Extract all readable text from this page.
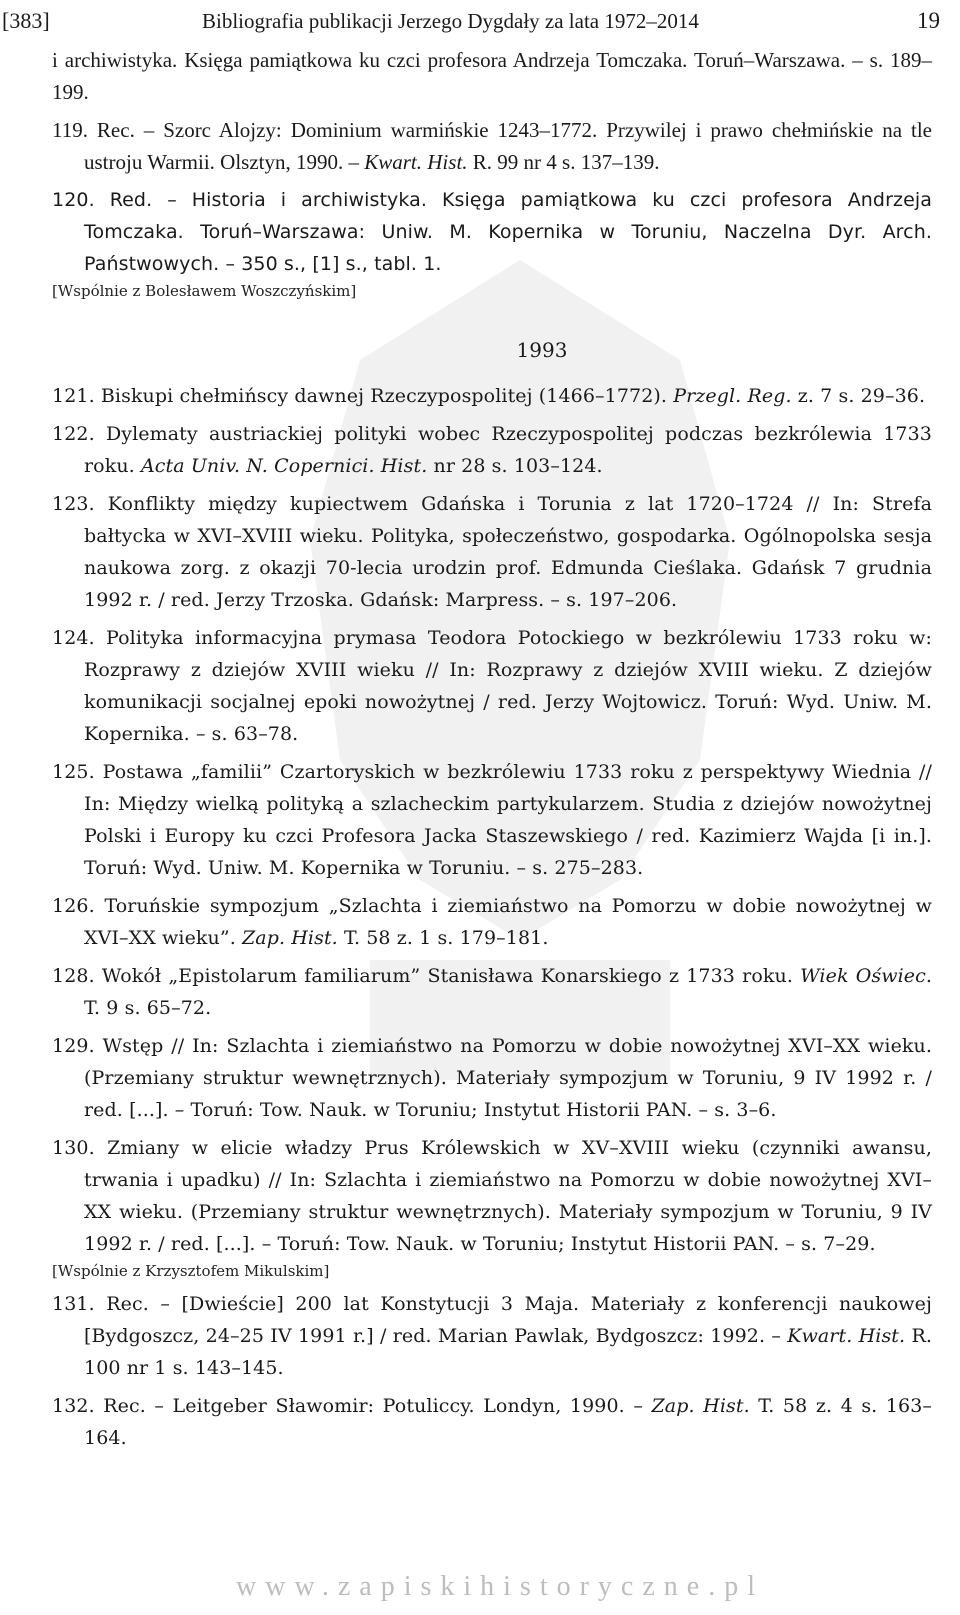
[383]	Bibliografia publikacji Jerzego Dygdały za lata 1972–2014	19

i archiwistyka. Księga pamiątkowa ku czci profesora Andrzeja Tomczaka. Toruń–Warszawa. – s. 189–199.

119. Rec. – Szorc Alojzy: Dominium warmińskie 1243–1772. Przywilej i prawo chełmińskie na tle ustroju Warmii. Olsztyn, 1990. – Kwart. Hist. R. 99 nr 4 s. 137–139.

120. Red. – Historia i archiwistyka. Księga pamiątkowa ku czci profesora Andrzeja Tomczaka. Toruń–Warszawa: Uniw. M. Kopernika w Toruniu, Naczelna Dyr. Arch. Państwowych. – 350 s., [1] s., tabl. 1.

[Wspólnie z Bolesławem Woszczyńskim]

1993

121. Biskupi chełmińscy dawnej Rzeczypospolitej (1466–1772). Przegl. Reg. z. 7 s. 29–36.

122. Dylematy austriackiej polityki wobec Rzeczypospolitej podczas bezkrólewia 1733 roku. Acta Univ. N. Copernici. Hist. nr 28 s. 103–124.

123. Konflikty między kupiectwem Gdańska i Torunia z lat 1720–1724 // In: Strefa bałtycka w XVI–XVIII wieku. Polityka, społeczeństwo, gospodarka. Ogólnopolska sesja naukowa zorg. z okazji 70-lecia urodzin prof. Edmunda Cieślaka. Gdańsk 7 grudnia 1992 r. / red. Jerzy Trzoska. Gdańsk: Marpress. – s. 197–206.

124. Polityka informacyjna prymasa Teodora Potockiego w bezkrólewiu 1733 roku w: Rozprawy z dziejów XVIII wieku // In: Rozprawy z dziejów XVIII wieku. Z dziejów komunikacji socjalnej epoki nowożytnej / red. Jerzy Wojtowicz. Toruń: Wyd. Uniw. M. Kopernika. – s. 63–78.

125. Postawa „familii” Czartoryskich w bezkrólewiu 1733 roku z perspektywy Wiednia // In: Między wielką polityką a szlacheckim partykularzem. Studia z dziejów nowożytnej Polski i Europy ku czci Profesora Jacka Staszewskiego / red. Kazimierz Wajda [i in.]. Toruń: Wyd. Uniw. M. Kopernika w Toruniu. – s. 275–283.

126. Toruńskie sympozjum „Szlachta i ziemiaństwo na Pomorzu w dobie nowożytnej w XVI–XX wieku”. Zap. Hist. T. 58 z. 1 s. 179–181.

128. Wokół „Epistolarum familiarum” Stanisława Konarskiego z 1733 roku. Wiek Oświec. T. 9 s. 65–72.

129. Wstęp // In: Szlachta i ziemiaństwo na Pomorzu w dobie nowożytnej XVI–XX wieku. (Przemiany struktur wewnętrznych). Materiały sympozjum w Toruniu, 9 IV 1992 r. / red. [...]. – Toruń: Tow. Nauk. w Toruniu; Instytut Historii PAN. – s. 3–6.

130. Zmiany w elicie władzy Prus Królewskich w XV–XVIII wieku (czynniki awansu, trwania i upadku) // In: Szlachta i ziemiaństwo na Pomorzu w dobie nowożytnej XVI–XX wieku. (Przemiany struktur wewnętrznych). Materiały sympozjum w Toruniu, 9 IV 1992 r. / red. [...]. – Toruń: Tow. Nauk. w Toruniu; Instytut Historii PAN. – s. 7–29.

[Wspólnie z Krzysztofem Mikulskim]

131. Rec. – [Dwieście] 200 lat Konstytucji 3 Maja. Materiały z konferencji naukowej [Bydgoszcz, 24–25 IV 1991 r.] / red. Marian Pawlak, Bydgoszcz: 1992. – Kwart. Hist. R. 100 nr 1 s. 143–145.

132. Rec. – Leitgeber Sławomir: Potuliccy. Londyn, 1990. – Zap. Hist. T. 58 z. 4 s. 163–164.

www.zapiskihistoryczne.pl
